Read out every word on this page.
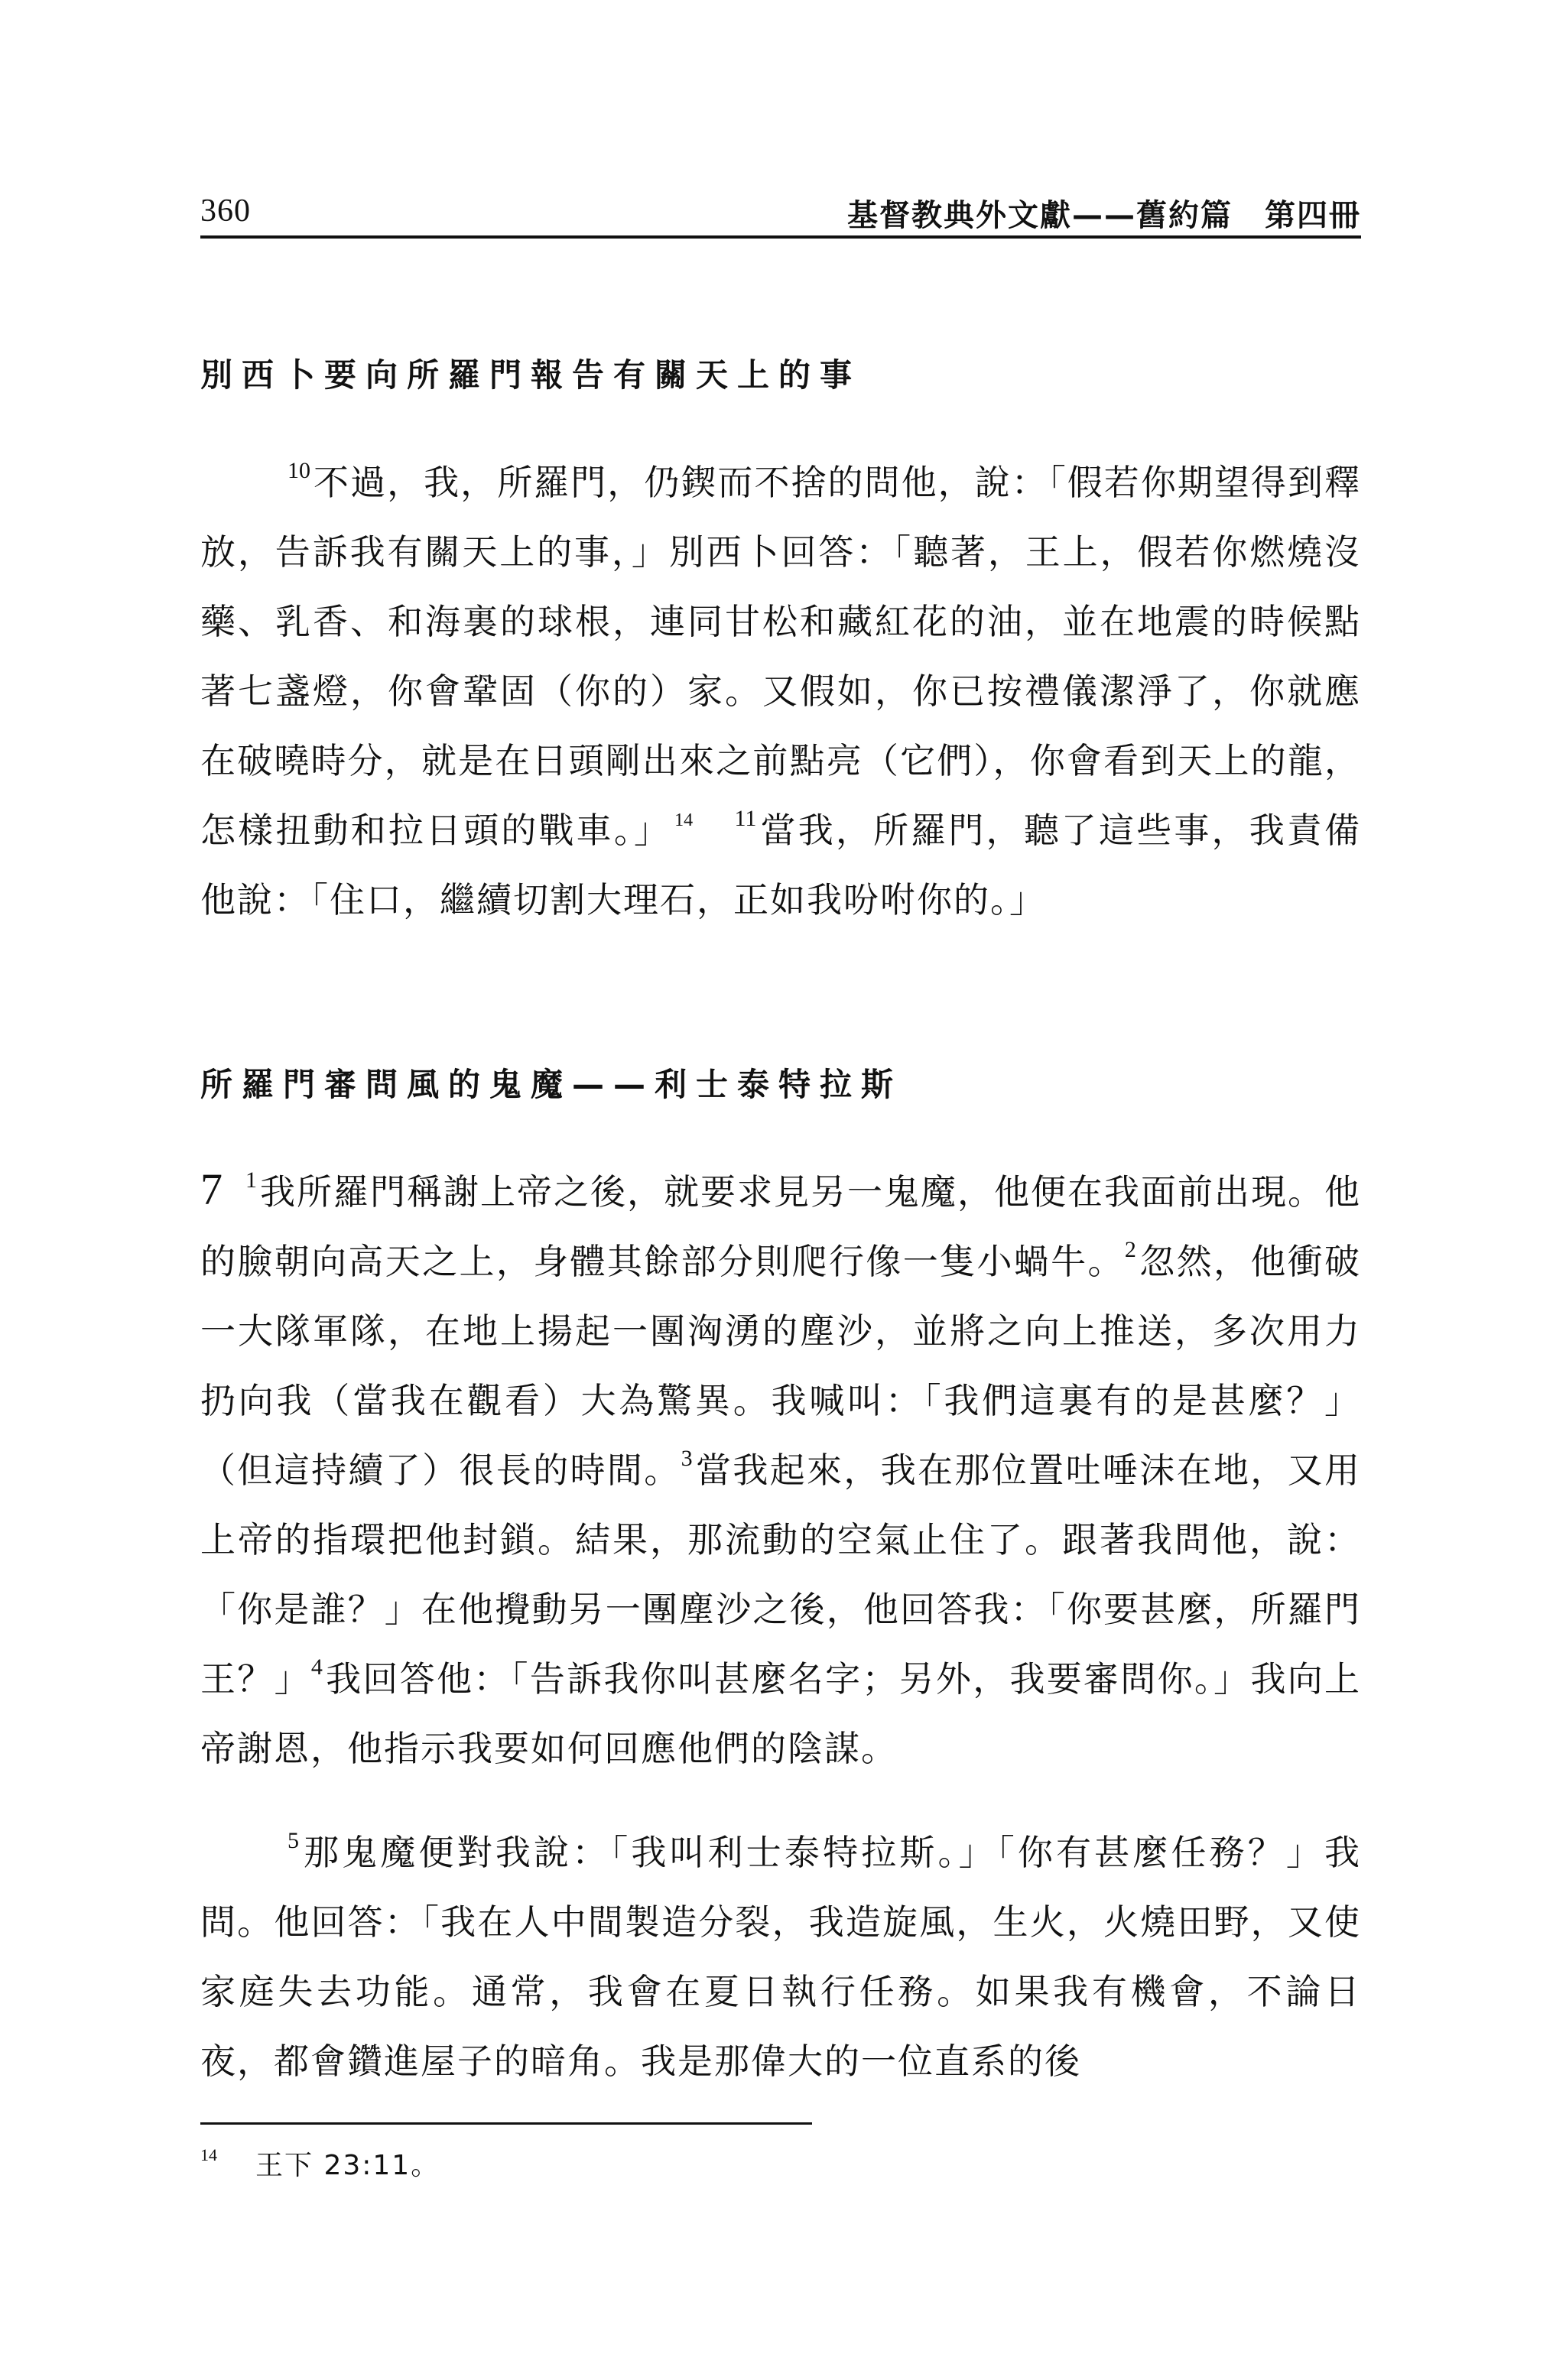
360	基督教典外文獻——舊約篇　第四冊
別西卜要向所羅門報告有關天上的事
$^{10}$不過，我，所羅門，仍鍥而不捨的問他，說：「假若你期望得到釋放，告訴我有關天上的事，」別西卜回答：「聽著，王上，假若你燃燒沒藥、乳香、和海裏的球根，連同甘松和藏紅花的油，並在地震的時候點著七盞燈，你會鞏固（你的）家。又假如，你已按禮儀潔淨了，你就應在破曉時分，就是在日頭剛出來之前點亮（它們），你會看到天上的龍，怎樣扭動和拉日頭的戰車。」 $^{14}$　 $^{11}$當我，所羅門，聽了這些事，我責備他說：「住口，繼續切割大理石，正如我吩咐你的。」
所羅門審問風的鬼魔——利士泰特拉斯
7 $^1$我所羅門稱謝上帝之後，就要求見另一鬼魔，他便在我面前出現。他的臉朝向高天之上，身體其餘部分則爬行像一隻小蝸牛。$^2$忽然，他衝破一大隊軍隊，在地上揚起一團洶湧的塵沙，並將之向上推送，多次用力扔向我（當我在觀看）大為驚異。我喊叫：「我們這裏有的是甚麼？」（但這持續了）很長的時間。$^3$當我起來，我在那位置吐唾沫在地，又用上帝的指環把他封鎖。結果，那流動的空氣止住了。跟著我問他，說：「你是誰？」在他攪動另一團塵沙之後，他回答我：「你要甚麼，所羅門王？」$^4$我回答他：「告訴我你叫甚麼名字；另外，我要審問你。」我向上帝謝恩，他指示我要如何回應他們的陰謀。
$^5$那鬼魔便對我說：「我叫利士泰特拉斯。」「你有甚麼任務？」我問。他回答：「我在人中間製造分裂，我造旋風，生火，火燒田野，又使家庭失去功能。通常，我會在夏日執行任務。如果我有機會，不論日夜，都會鑽進屋子的暗角。我是那偉大的一位直系的後
$^{14}$ 王下 23:11。
